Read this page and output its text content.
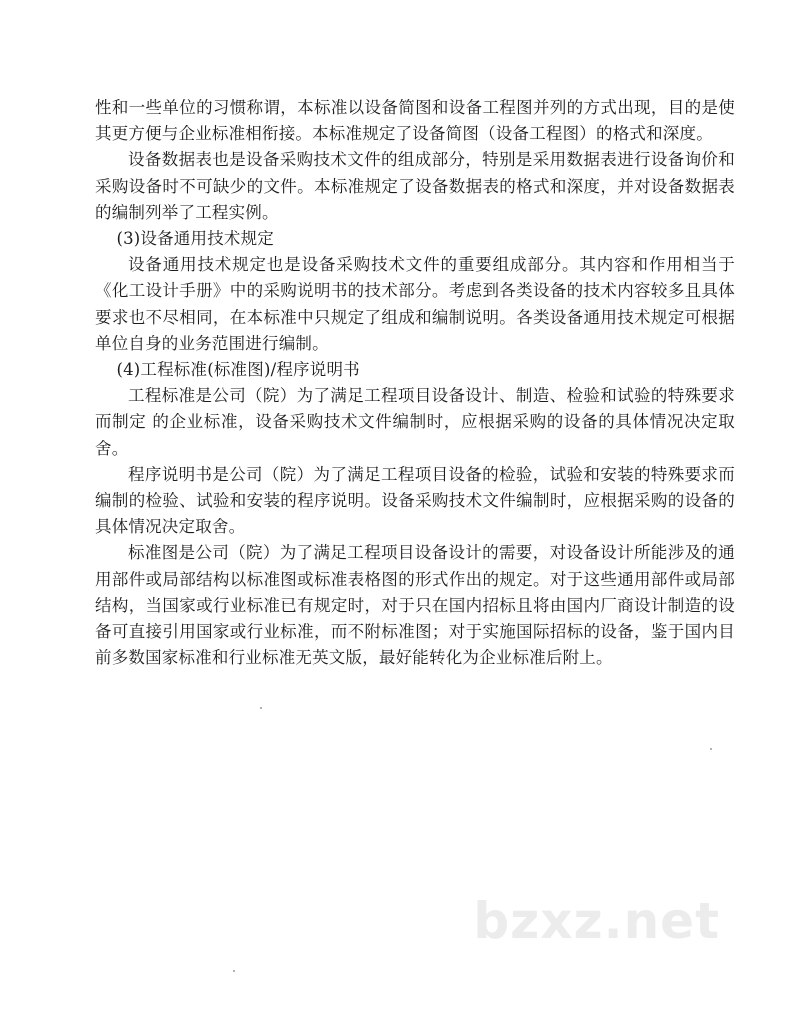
性和一些单位的习惯称谓，本标准以设备简图和设备工程图并列的方式出现，目的是使其更方便与企业标准相衔接。本标准规定了设备简图（设备工程图）的格式和深度。

设备数据表也是设备采购技术文件的组成部分，特别是采用数据表进行设备询价和采购设备时不可缺少的文件。本标准规定了设备数据表的格式和深度，并对设备数据表的编制列举了工程实例。

(3)设备通用技术规定

设备通用技术规定也是设备采购技术文件的重要组成部分。其内容和作用相当于《化工设计手册》中的采购说明书的技术部分。考虑到各类设备的技术内容较多且具体要求也不尽相同，在本标准中只规定了组成和编制说明。各类设备通用技术规定可根据单位自身的业务范围进行编制。

(4)工程标准(标准图)/程序说明书

工程标准是公司（院）为了满足工程项目设备设计、制造、检验和试验的特殊要求而制定 的企业标准，设备采购技术文件编制时，应根据采购的设备的具体情况决定取舍。

程序说明书是公司（院）为了满足工程项目设备的检验，试验和安装的特殊要求而编制的检验、试验和安装的程序说明。设备采购技术文件编制时，应根据采购的设备的具体情况决定取舍。

标准图是公司（院）为了满足工程项目设备设计的需要，对设备设计所能涉及的通用部件或局部结构以标准图或标准表格图的形式作出的规定。对于这些通用部件或局部结构，当国家或行业标准已有规定时，对于只在国内招标且将由国内厂商设计制造的设备可直接引用国家或行业标准，而不附标准图；对于实施国际招标的设备，鉴于国内目前多数国家标准和行业标准无英文版，最好能转化为企业标准后附上。

bzxz.net
